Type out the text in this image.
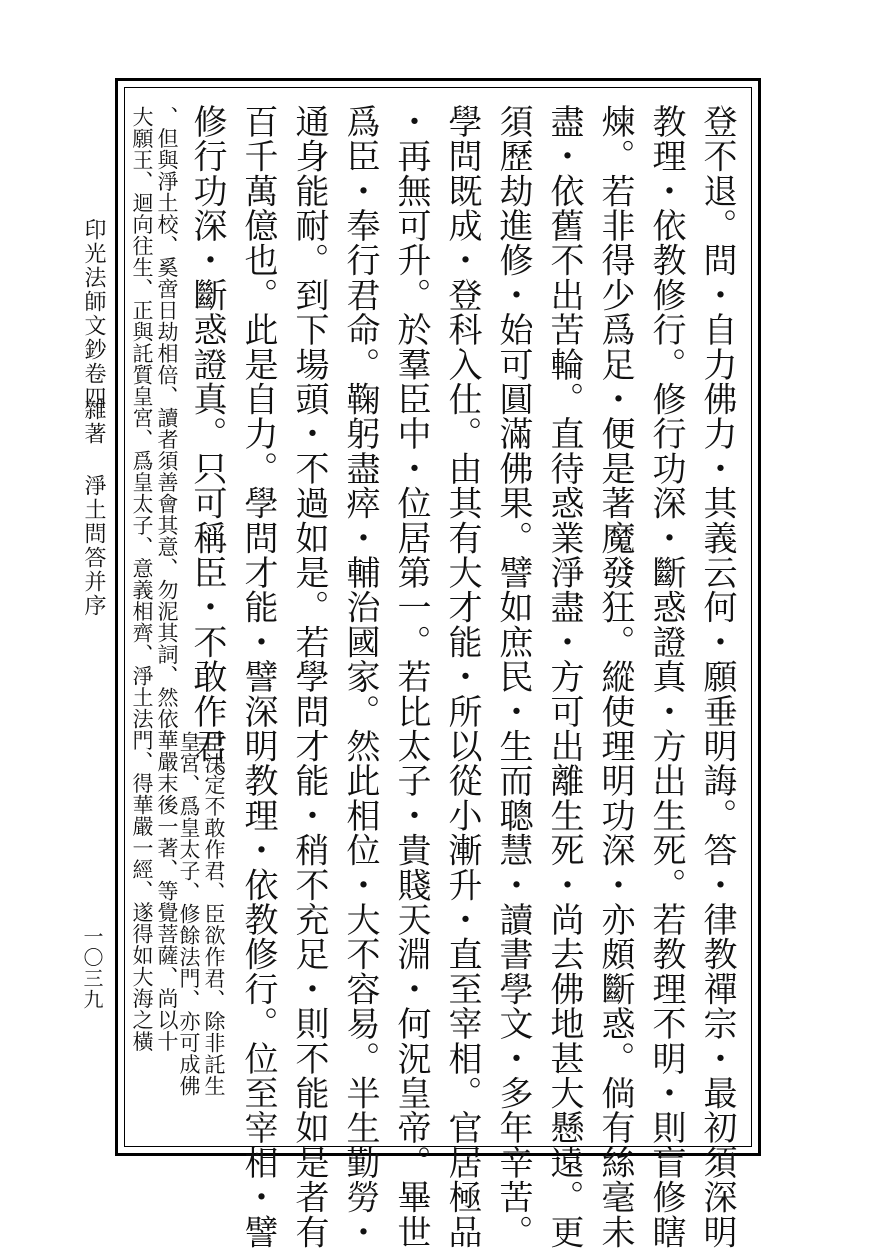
印光法師文鈔卷四
雜著
淨土問答并序
一〇三九	登不退。問・自力佛力・其義云何・願垂明誨。答・律教禪宗・最初須深明
教理・依教修行。修行功深・斷惑證真・方出生死。若教理不明・則盲修瞎
煉。若非得少爲足・便是著魔發狂。縱使理明功深・亦頗斷惑。倘有絲毫未
盡・依舊不出苦輪。直待惑業淨盡・方可出離生死・尚去佛地甚大懸遠。更
須歷劫進修・始可圓滿佛果。譬如庶民・生而聰慧・讀書學文・多年辛苦。
學問既成・登科入仕。由其有大才能・所以從小漸升・直至宰相。官居極品
・再無可升。於羣臣中・位居第一。若比太子・貴賤天淵・何況皇帝。畢世
爲臣・奉行君命。鞠躬盡瘁・輔治國家。然此相位・大不容易。半生勤勞・
通身能耐。到下場頭・不過如是。若學問才能・稍不充足・則不能如是者有
百千萬億也。此是自力。學問才能・譬深明教理・依教修行。位至宰相・譬
修行功深・斷惑證真。只可稱臣・不敢作君。
臣決定不敢作君、臣欲作君、除非託生
皇宮、爲皇太子、修餘法門、亦可成佛
、但與淨土校、奚啻日劫相倍、讀者須善會其意、勿泥其詞、然依華嚴末後一著、等覺菩薩、尚以十
大願王、迴向往生、正與託質皇宮、爲皇太子、意義相齊、淨土法門、得華嚴一經、遂得如大海之橫
